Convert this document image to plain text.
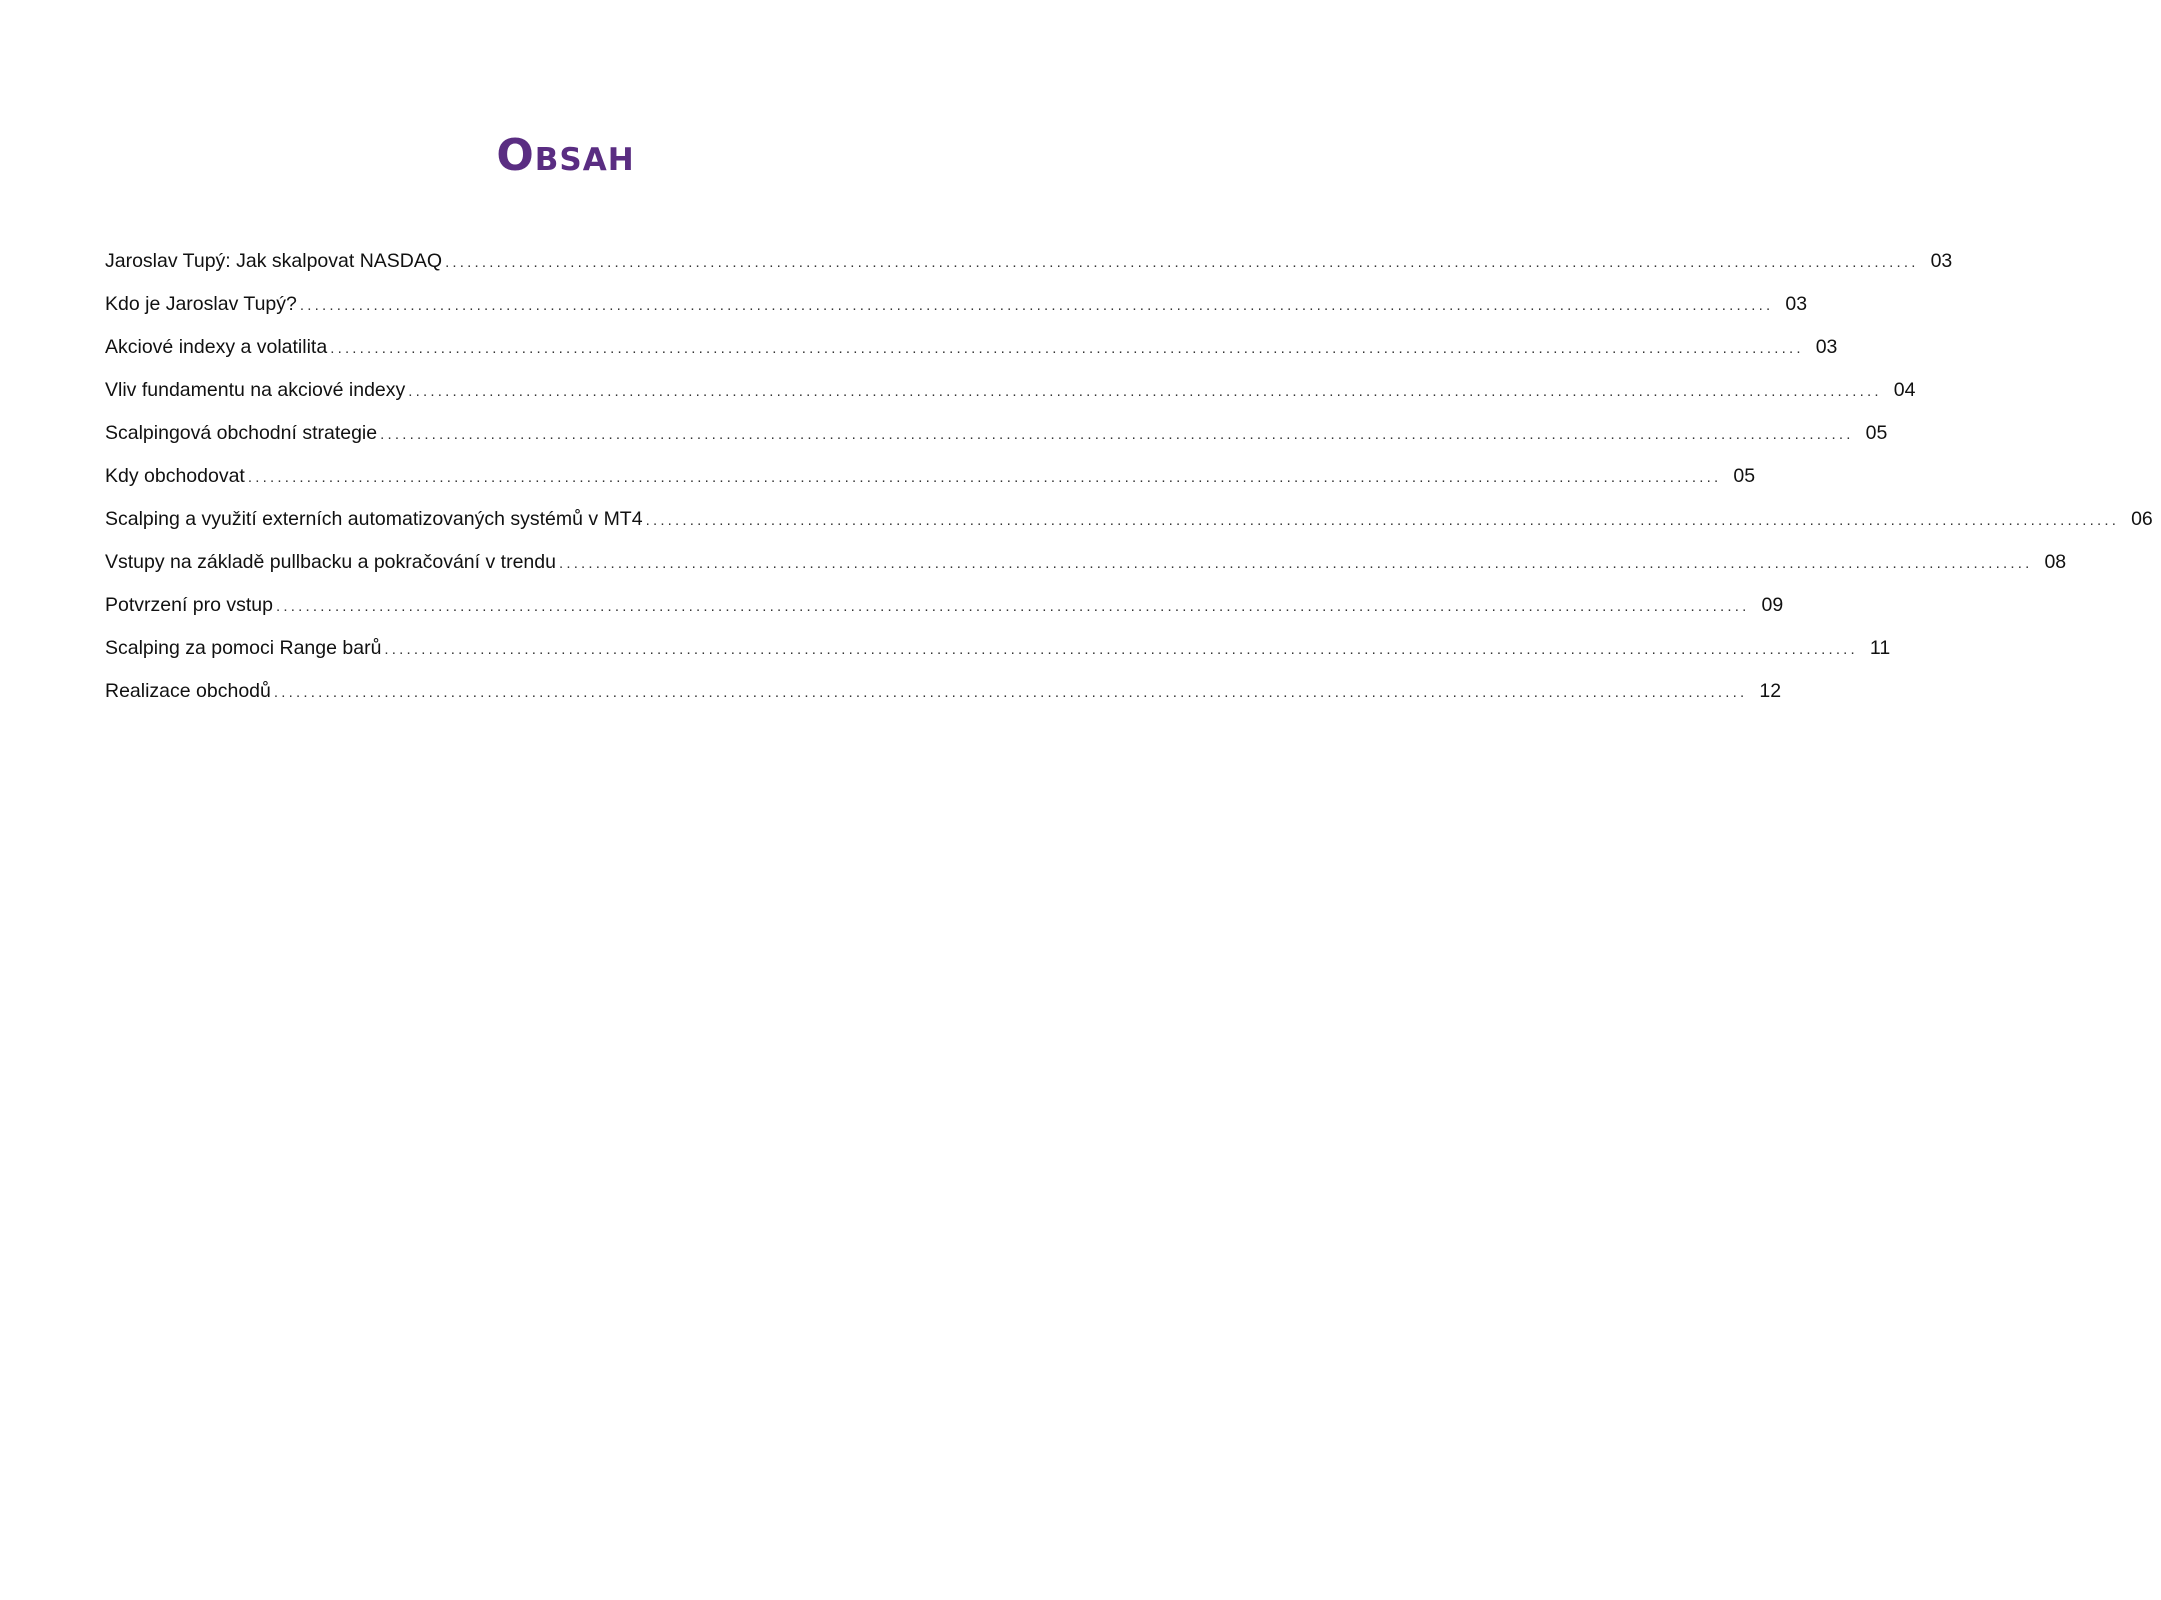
Obsah
Jaroslav Tupý: Jak skalpovat NASDAQ ........................................................................................................................................................................................................ 03
Kdo je Jaroslav Tupý? ........................................................................................................................................................................................................ 03
Akciové indexy a volatilita ........................................................................................................................................................................................................ 03
Vliv fundamentu na akciové indexy ........................................................................................................................................................................................................ 04
Scalpingová obchodní strategie ........................................................................................................................................................................................................ 05
Kdy obchodovat ........................................................................................................................................................................................................ 05
Scalping a využití externích automatizovaných systémů v MT4 ........................................................................................................................................................................................................ 06
Vstupy na základě pullbacku a pokračování v trendu ........................................................................................................................................................................................................ 08
Potvrzení pro vstup ........................................................................................................................................................................................................ 09
Scalping za pomoci Range barů ........................................................................................................................................................................................................ 11
Realizace obchodů ........................................................................................................................................................................................................ 12
